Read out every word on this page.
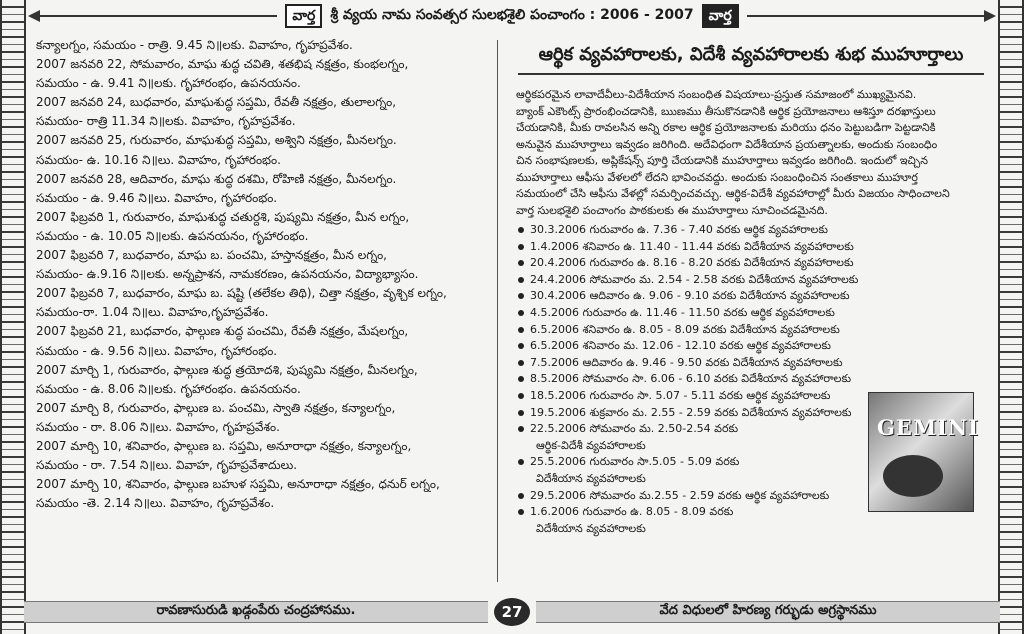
వార్త	శ్రీ వ్యయ నామ సంవత్సర సులభశైలి పంచాంగం : 2006 - 2007	వార్త

కన్యాలగ్నం, సమయం - రాత్రి. 9.45 ని॥లకు. వివాహం, గృహప్రవేశం.

2007 జనవరి 22, సోమవారం, మాఘ శుద్ధ చవితి, శతభిష నక్షత్రం, కుంభలగ్నం,

సమయం - ఉ. 9.41 ని॥లకు. గృహారంభం, ఉపనయనం.

2007 జనవరి 24, బుధవారం, మాఘశుద్ధ సప్తమి, రేవతీ నక్షత్రం, తులాలగ్నం,

సమయం- రాత్రి 11.34 ని॥లకు. వివాహం, గృహప్రవేశం.

2007 జనవరి 25, గురువారం, మాఘశుద్ధ సప్తమి, అశ్విని నక్షత్రం, మీనలగ్నం.

సమయం- ఉ. 10.16 ని॥లు. వివాహం, గృహారంభం.

2007 జనవరి 28, ఆదివారం, మాఘ శుద్ధ దశమి, రోహిణి నక్షత్రం, మీనలగ్నం.

సమయం - ఉ. 9.46 ని॥లు. వివాహం, గృహారంభం.

2007 ఫిబ్రవరి 1, గురువారం, మాఘశుద్ధ చతుర్దశి, పుష్యమి నక్షత్రం, మీన లగ్నం,

సమయం - ఉ. 10.05 ని॥లకు. ఉపనయనం, గృహారంభం.

2007 ఫిబ్రవరి 7, బుధవారం, మాఘ బ. పంచమి, హస్తానక్షత్రం, మీన లగ్నం,

సమయం- ఉ.9.16 ని॥లకు. అన్నప్రాశన, నామకరణం, ఉపనయనం, విద్యాభ్యాసం.

2007 ఫిబ్రవరి 7, బుధవారం, మాఘ బ. షష్టి (తలేకల తిథి), చిత్తా నక్షత్రం, వృశ్చిక లగ్నం,

సమయం-రా. 1.04 ని॥లు. వివాహం,గృహప్రవేశం.

2007 ఫిబ్రవరి 21, బుధవారం, ఫాల్గుణ శుద్ధ పంచమి, రేవతీ నక్షత్రం, మేషలగ్నం,

సమయం - ఉ. 9.56 ని॥లు. వివాహం, గృహారంభం.

2007 మార్చి 1, గురువారం, ఫాల్గుణ శుద్ధ త్రయోదశి, పుష్యమి నక్షత్రం, మీనలగ్నం,

సమయం - ఉ. 8.06 ని॥లకు. గృహారంభం. ఉపనయనం.

2007 మార్చి 8, గురువారం, ఫాల్గుణ బ. పంచమి, స్వాతి నక్షత్రం, కన్యాలగ్నం,

సమయం - రా. 8.06 ని॥లు. వివాహం, గృహప్రవేశం.

2007 మార్చి 10, శనివారం, ఫాల్గుణ బ. సప్తమి, అనూరాధా నక్షత్రం, కన్యాలగ్నం,

సమయం - రా. 7.54 ని॥లు. వివాహ, గృహప్రవేశాదులు.

2007 మార్చి 10, శనివారం, ఫాల్గుణ బహుళ సప్తమి, అనూరాధా నక్షత్రం, ధనుర్ లగ్నం,

సమయం -తె. 2.14 ని॥లు. వివాహం, గృహప్రవేశం.

ఆర్థిక వ్యవహారాలకు, విదేశీ వ్యవహారాలకు శుభ ముహూర్తాలు
ఆర్థికపరమైన లావాదేవీలు-విదేశీయాన సంబంధిత విషయాలు-ప్రస్తుత సమాజంలో ముఖ్యమైనవి.
బ్యాంక్ ఎకౌంట్స్ ప్రారంభించడానికి, ఋణము తీసుకొనడానికి ఆర్థిక ప్రయోజనాలు ఆశిస్తూ దరఖాస్తులు
చేయడానికి, మీకు రావలసిన అన్ని రకాల ఆర్థిక ప్రయోజనాలకు మరియు ధనం పెట్టుబడిగా పెట్టడానికి
అనువైన ముహూర్తాలు ఇవ్వడం జరిగింది. అదేవిధంగా విదేశీయాన ప్రయత్నాలకు, అందుకు సంబంధిం
చిన సంభాషణలకు, అప్లికేషన్స్ పూర్తి చేయడానికి ముహూర్తాలు ఇవ్వడం జరిగింది. ఇందులో ఇచ్చిన
ముహూర్తాలు ఆఫీసు వేళలలో లేదని భావించవద్దు. అందుకు సంబంధించిన సంతకాలు ముహూర్త
సమయంలో చేసి ఆఫీసు వేళల్లో సమర్పించవచ్చు. ఆర్థిక-విదేశీ వ్యవహారాల్లో మీరు విజయం సాధించాలని
వార్త సులభశైలి పంచాంగం పాఠకులకు ఈ ముహూర్తాలు సూచించడమైనది.
30.3.2006 గురువారం ఉ. 7.36 - 7.40 వరకు ఆర్థిక వ్యవహారాలకు
1.4.2006 శనివారం ఉ. 11.40 - 11.44 వరకు విదేశీయాన వ్యవహారాలకు
20.4.2006 గురువారం ఉ. 8.16 - 8.20 వరకు విదేశీయాన వ్యవహారాలకు
24.4.2006 సోమవారం మ. 2.54 - 2.58 వరకు విదేశీయాన వ్యవహారాలకు
30.4.2006 ఆదివారం ఉ. 9.06 - 9.10 వరకు విదేశీయాన వ్యవహారాలకు
4.5.2006 గురువారం ఉ. 11.46 - 11.50 వరకు ఆర్థిక వ్యవహారాలకు
6.5.2006 శనివారం ఉ. 8.05 - 8.09 వరకు విదేశీయాన వ్యవహారాలకు
6.5.2006 శనివారం మ. 12.06 - 12.10 వరకు ఆర్థిక వ్యవహారాలకు
7.5.2006 ఆదివారం ఉ. 9.46 - 9.50 వరకు విదేశీయాన వ్యవహారాలకు
8.5.2006 సోమవారం సా. 6.06 - 6.10 వరకు విదేశీయాన వ్యవహారాలకు
18.5.2006 గురువారం సా. 5.07 - 5.11 వరకు ఆర్థిక వ్యవహారాలకు
19.5.2006 శుక్రవారం మ. 2.55 - 2.59 వరకు విదేశీయాన వ్యవహారాలకు
22.5.2006 సోమవారం మ. 2.50-2.54 వరకు
ఆర్థిక-విదేశీ వ్యవహారాలకు
25.5.2006 గురువారం సా.5.05 - 5.09 వరకు
విదేశీయాన వ్యవహారాలకు
29.5.2006 సోమవారం మ.2.55 - 2.59 వరకు ఆర్థిక వ్యవహారాలకు
1.6.2006 గురువారం ఉ. 8.05 - 8.09 వరకు
విదేశీయాన వ్యవహారాలకు
GEMINI
రావణాసురుడి ఖడ్గంపేరు చంద్రహాసము.	27	వేద విధులలో హిరణ్య గర్భుడు అగ్రస్థానము
